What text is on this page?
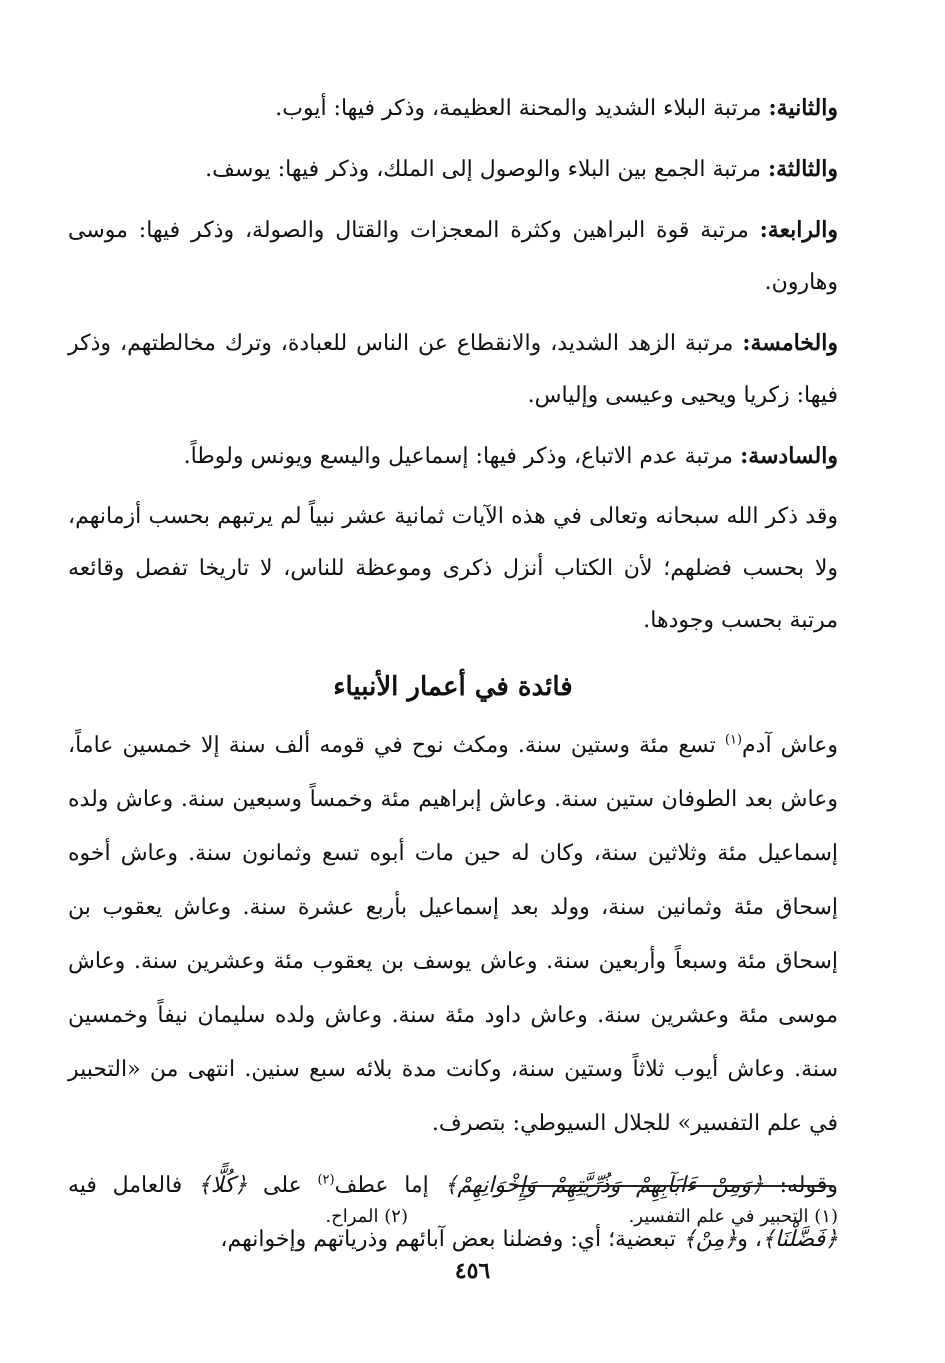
والثانية: مرتبة البلاء الشديد والمحنة العظيمة، وذكر فيها: أيوب.

والثالثة: مرتبة الجمع بين البلاء والوصول إلى الملك، وذكر فيها: يوسف.

والرابعة: مرتبة قوة البراهين وكثرة المعجزات والقتال والصولة، وذكر فيها: موسى وهارون.

والخامسة: مرتبة الزهد الشديد، والانقطاع عن الناس للعبادة، وترك مخالطتهم، وذكر فيها: زكريا ويحيى وعيسى وإلياس.

والسادسة: مرتبة عدم الاتباع، وذكر فيها: إسماعيل واليسع ويونس ولوطاً.

وقد ذكر الله سبحانه وتعالى في هذه الآيات ثمانية عشر نبياً لم يرتبهم بحسب أزمانهم، ولا بحسب فضلهم؛ لأن الكتاب أنزل ذكرى وموعظة للناس، لا تاريخا تفصل وقائعه مرتبة بحسب وجودها.

فائدة في أعمار الأنبياء

وعاش آدم$^{(١)}$ تسع مئة وستين سنة. ومكث نوح في قومه ألف سنة إلا خمسين عاماً، وعاش بعد الطوفان ستين سنة. وعاش إبراهيم مئة وخمساً وسبعين سنة. وعاش ولده إسماعيل مئة وثلاثين سنة، وكان له حين مات أبوه تسع وثمانون سنة. وعاش أخوه إسحاق مئة وثمانين سنة، وولد بعد إسماعيل بأربع عشرة سنة. وعاش يعقوب بن إسحاق مئة وسبعاً وأربعين سنة. وعاش يوسف بن يعقوب مئة وعشرين سنة. وعاش موسى مئة وعشرين سنة. وعاش داود مئة سنة. وعاش ولده سليمان نيفاً وخمسين سنة. وعاش أيوب ثلاثاً وستين سنة، وكانت مدة بلائه سبع سنين. انتهى من «التحبير في علم التفسير» للجلال السيوطي: بتصرف.

وقوله: ﴿وَمِنْ ءَابَآبِهِمْ وَذُرِّيَّتِهِمْ وَإِخْوَانِهِمْ﴾ إما عطف$^{(٢)}$ على ﴿كُلًّا﴾ فالعامل فيه ﴿فَضَّلْنَا﴾، و﴿مِنْ﴾ تبعضية؛ أي: وفضلنا بعض آبائهم وذرياتهم وإخوانهم،

(١) التحبير في علم التفسير.(٢) المراح.
٤٥٦
